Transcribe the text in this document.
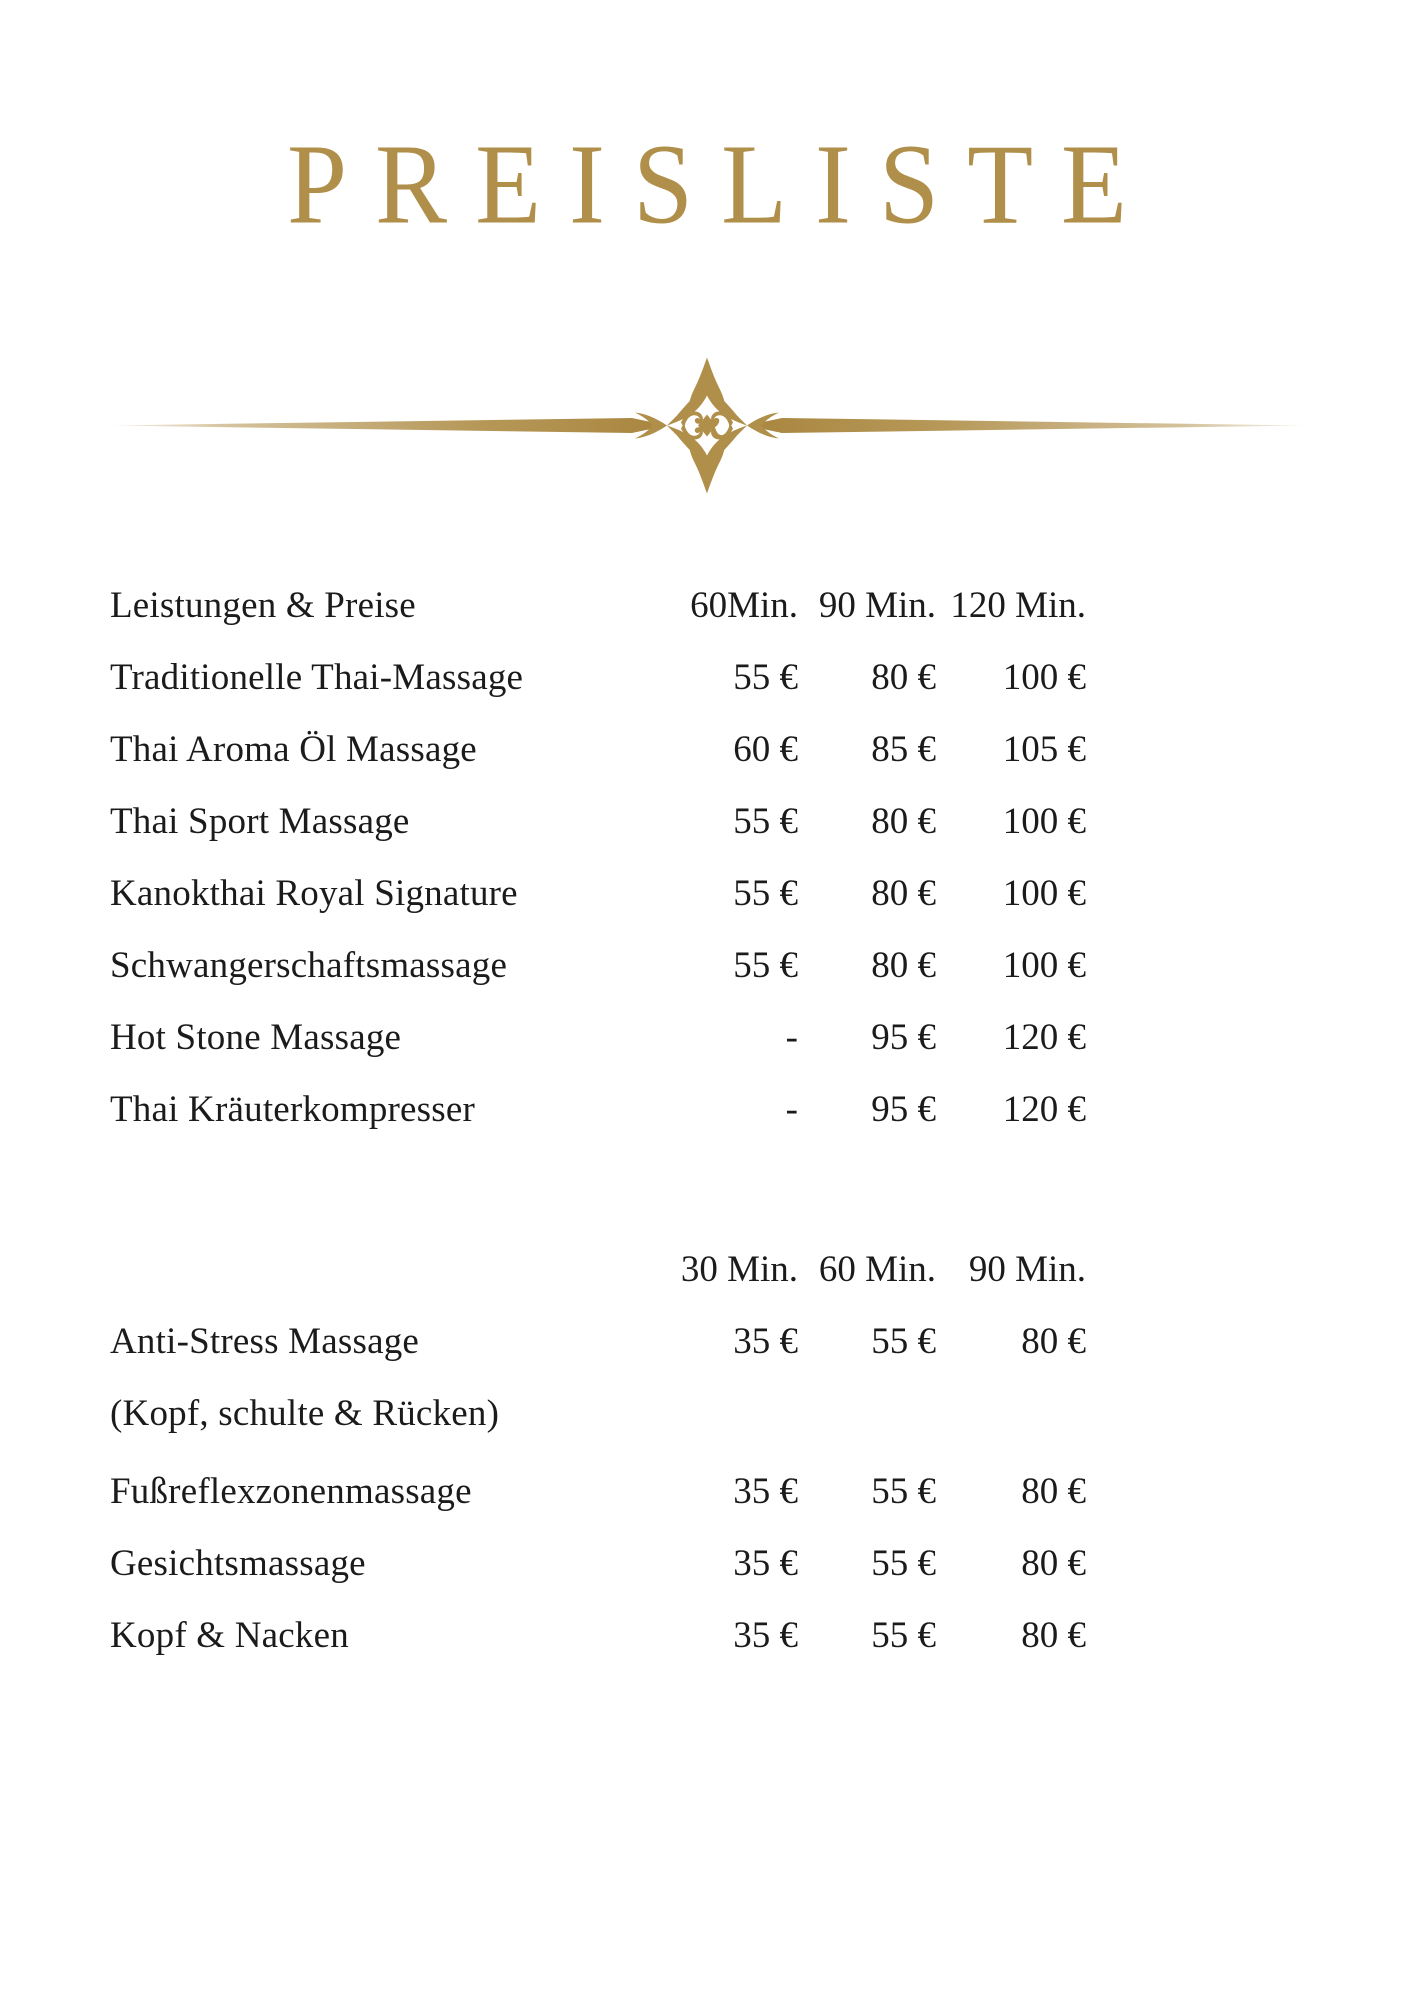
PREISLISTE
Leistungen & Preise	60Min. 90 Min. 120 Min.
Traditionelle Thai-Massage	55 €	80 €	100 €
Thai Aroma Öl Massage	60 €	85 €	105 €
Thai Sport Massage	55 €	80 €	100 €
Kanokthai Royal Signature	55 €	80 €	100 €
Schwangerschaftsmassage	55 €	80 €	100 €
Hot Stone Massage	-	95 €	120 €
Thai Kräuterkompresser	-	95 €	120 €

30 Min. 60 Min. 90 Min.
Anti-Stress Massage	35 €	55 €	80 €
(Kopf, schulte & Rücken)
Fußreflexzonenmassage	35 €	55 €	80 €
Gesichtsmassage	35 €	55 €	80 €
Kopf & Nacken	35 €	55 €	80 €
